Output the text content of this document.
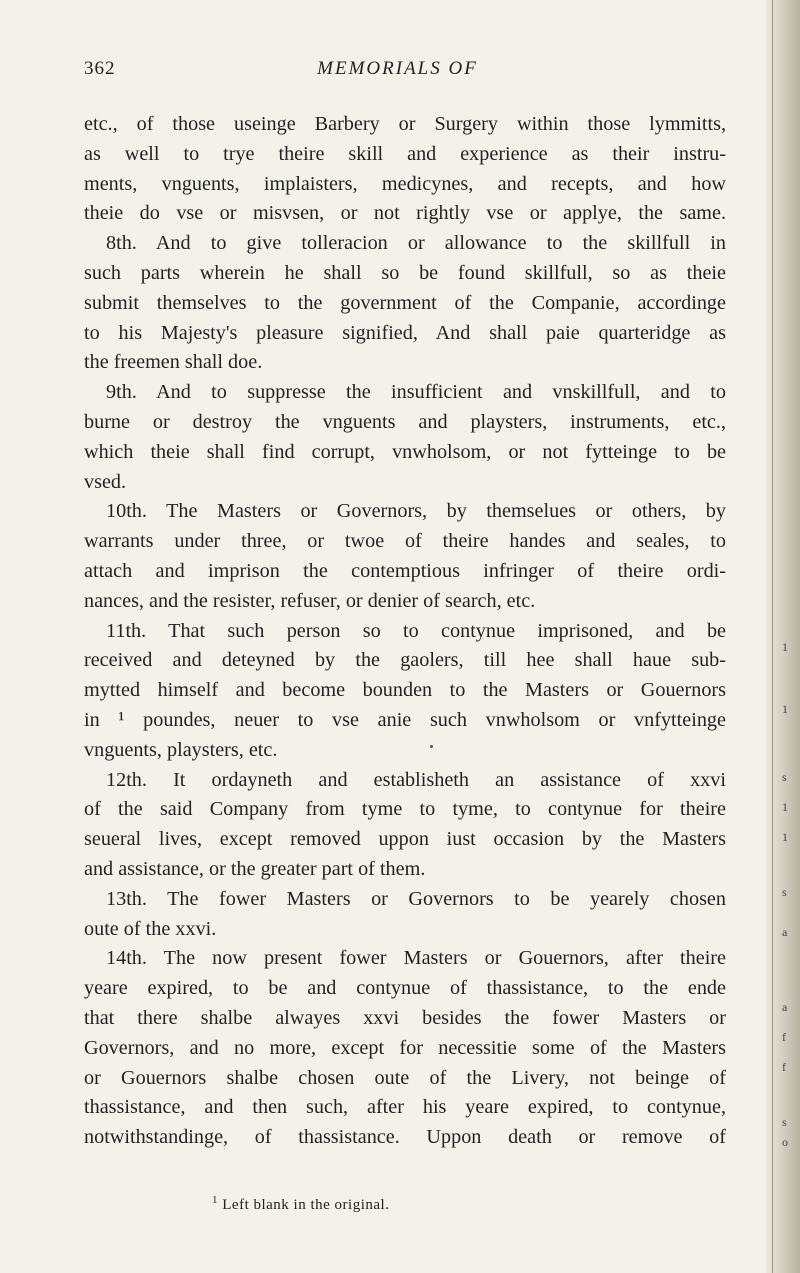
1
1
s
1
1
s
a
a
f
f
s
o
362	MEMORIALS OF
etc., of those useinge Barbery or Surgery within those lymmitts,
as well to trye theire skill and experience as their instru-
ments, vnguents, implaisters, medicynes, and recepts, and how
theie do vse or misvsen, or not rightly vse or applye, the same.
8th. And to give tolleracion or allowance to the skillfull in
such parts wherein he shall so be found skillfull, so as theie
submit themselves to the government of the Companie, accordinge
to his Majesty's pleasure signified, And shall paie quarteridge as
the freemen shall doe.
9th. And to suppresse the insufficient and vnskillfull, and to
burne or destroy the vnguents and playsters, instruments, etc.,
which theie shall find corrupt, vnwholsom, or not fytteinge to be
vsed.
10th. The Masters or Governors, by themselues or others, by
warrants under three, or twoe of theire handes and seales, to
attach and imprison the contemptious infringer of theire ordi-
nances, and the resister, refuser, or denier of search, etc.
11th. That such person so to contynue imprisoned, and be
received and deteyned by the gaolers, till hee shall haue sub-
mytted himself and become bounden to the Masters or Gouernors
in ¹ poundes, neuer to vse anie such vnwholsom or vnfytteinge
vnguents, playsters, etc.
12th. It ordayneth and establisheth an assistance of xxvi
of the said Company from tyme to tyme, to contynue for theire
seueral lives, except removed uppon iust occasion by the Masters
and assistance, or the greater part of them.
13th. The fower Masters or Governors to be yearely chosen
oute of the xxvi.
14th. The now present fower Masters or Gouernors, after theire
yeare expired, to be and contynue of thassistance, to the ende
that there shalbe alwayes xxvi besides the fower Masters or
Governors, and no more, except for necessitie some of the Masters
or Gouernors shalbe chosen oute of the Livery, not beinge of
thassistance, and then such, after his yeare expired, to contynue,
notwithstandinge, of thassistance. Uppon death or remove of
$^1$ Left blank in the original.
